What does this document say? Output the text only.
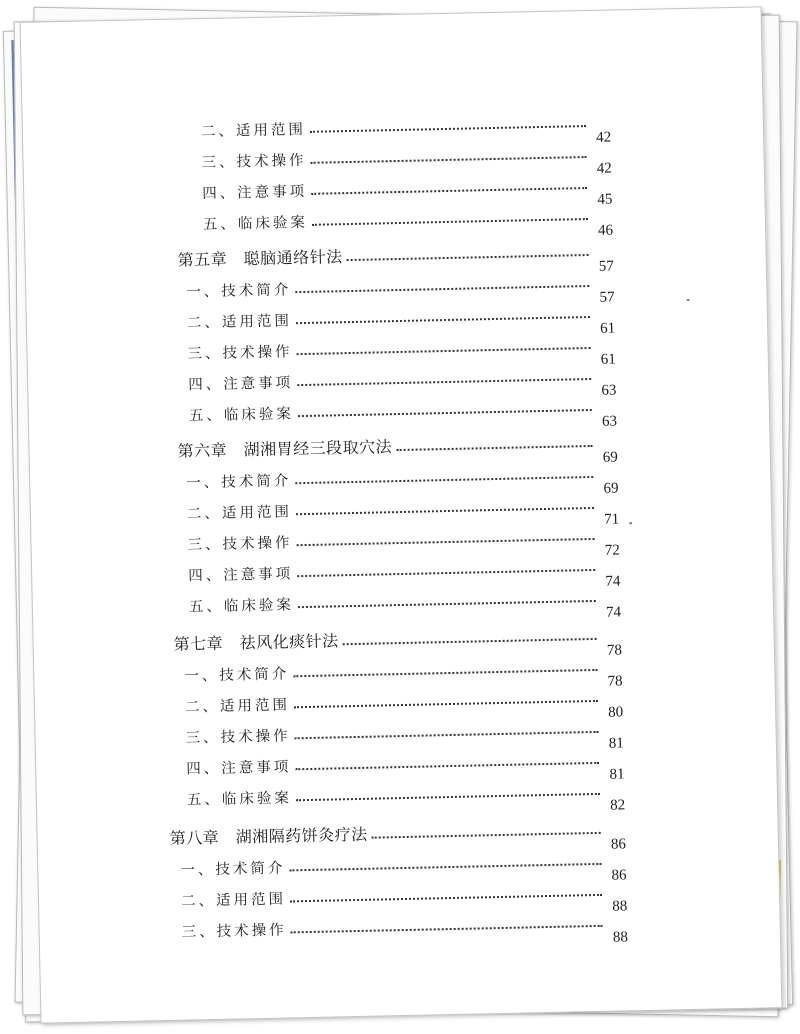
二、适用范围	42
三、技术操作	42
四、注意事项	45
五、临床验案	46
第五章　聪脑通络针法	57
一、技术简介	57
二、适用范围	61
三、技术操作	61
四、注意事项	63
五、临床验案	63
第六章　湖湘胃经三段取穴法	69
一、技术简介	69
二、适用范围	71
三、技术操作	72
四、注意事项	74
五、临床验案	74
第七章　祛风化痰针法	78
一、技术简介	78
二、适用范围	80
三、技术操作	81
四、注意事项	81
五、临床验案	82
第八章　湖湘隔药饼灸疗法	86
一、技术简介	86
二、适用范围	88
三、技术操作	88
